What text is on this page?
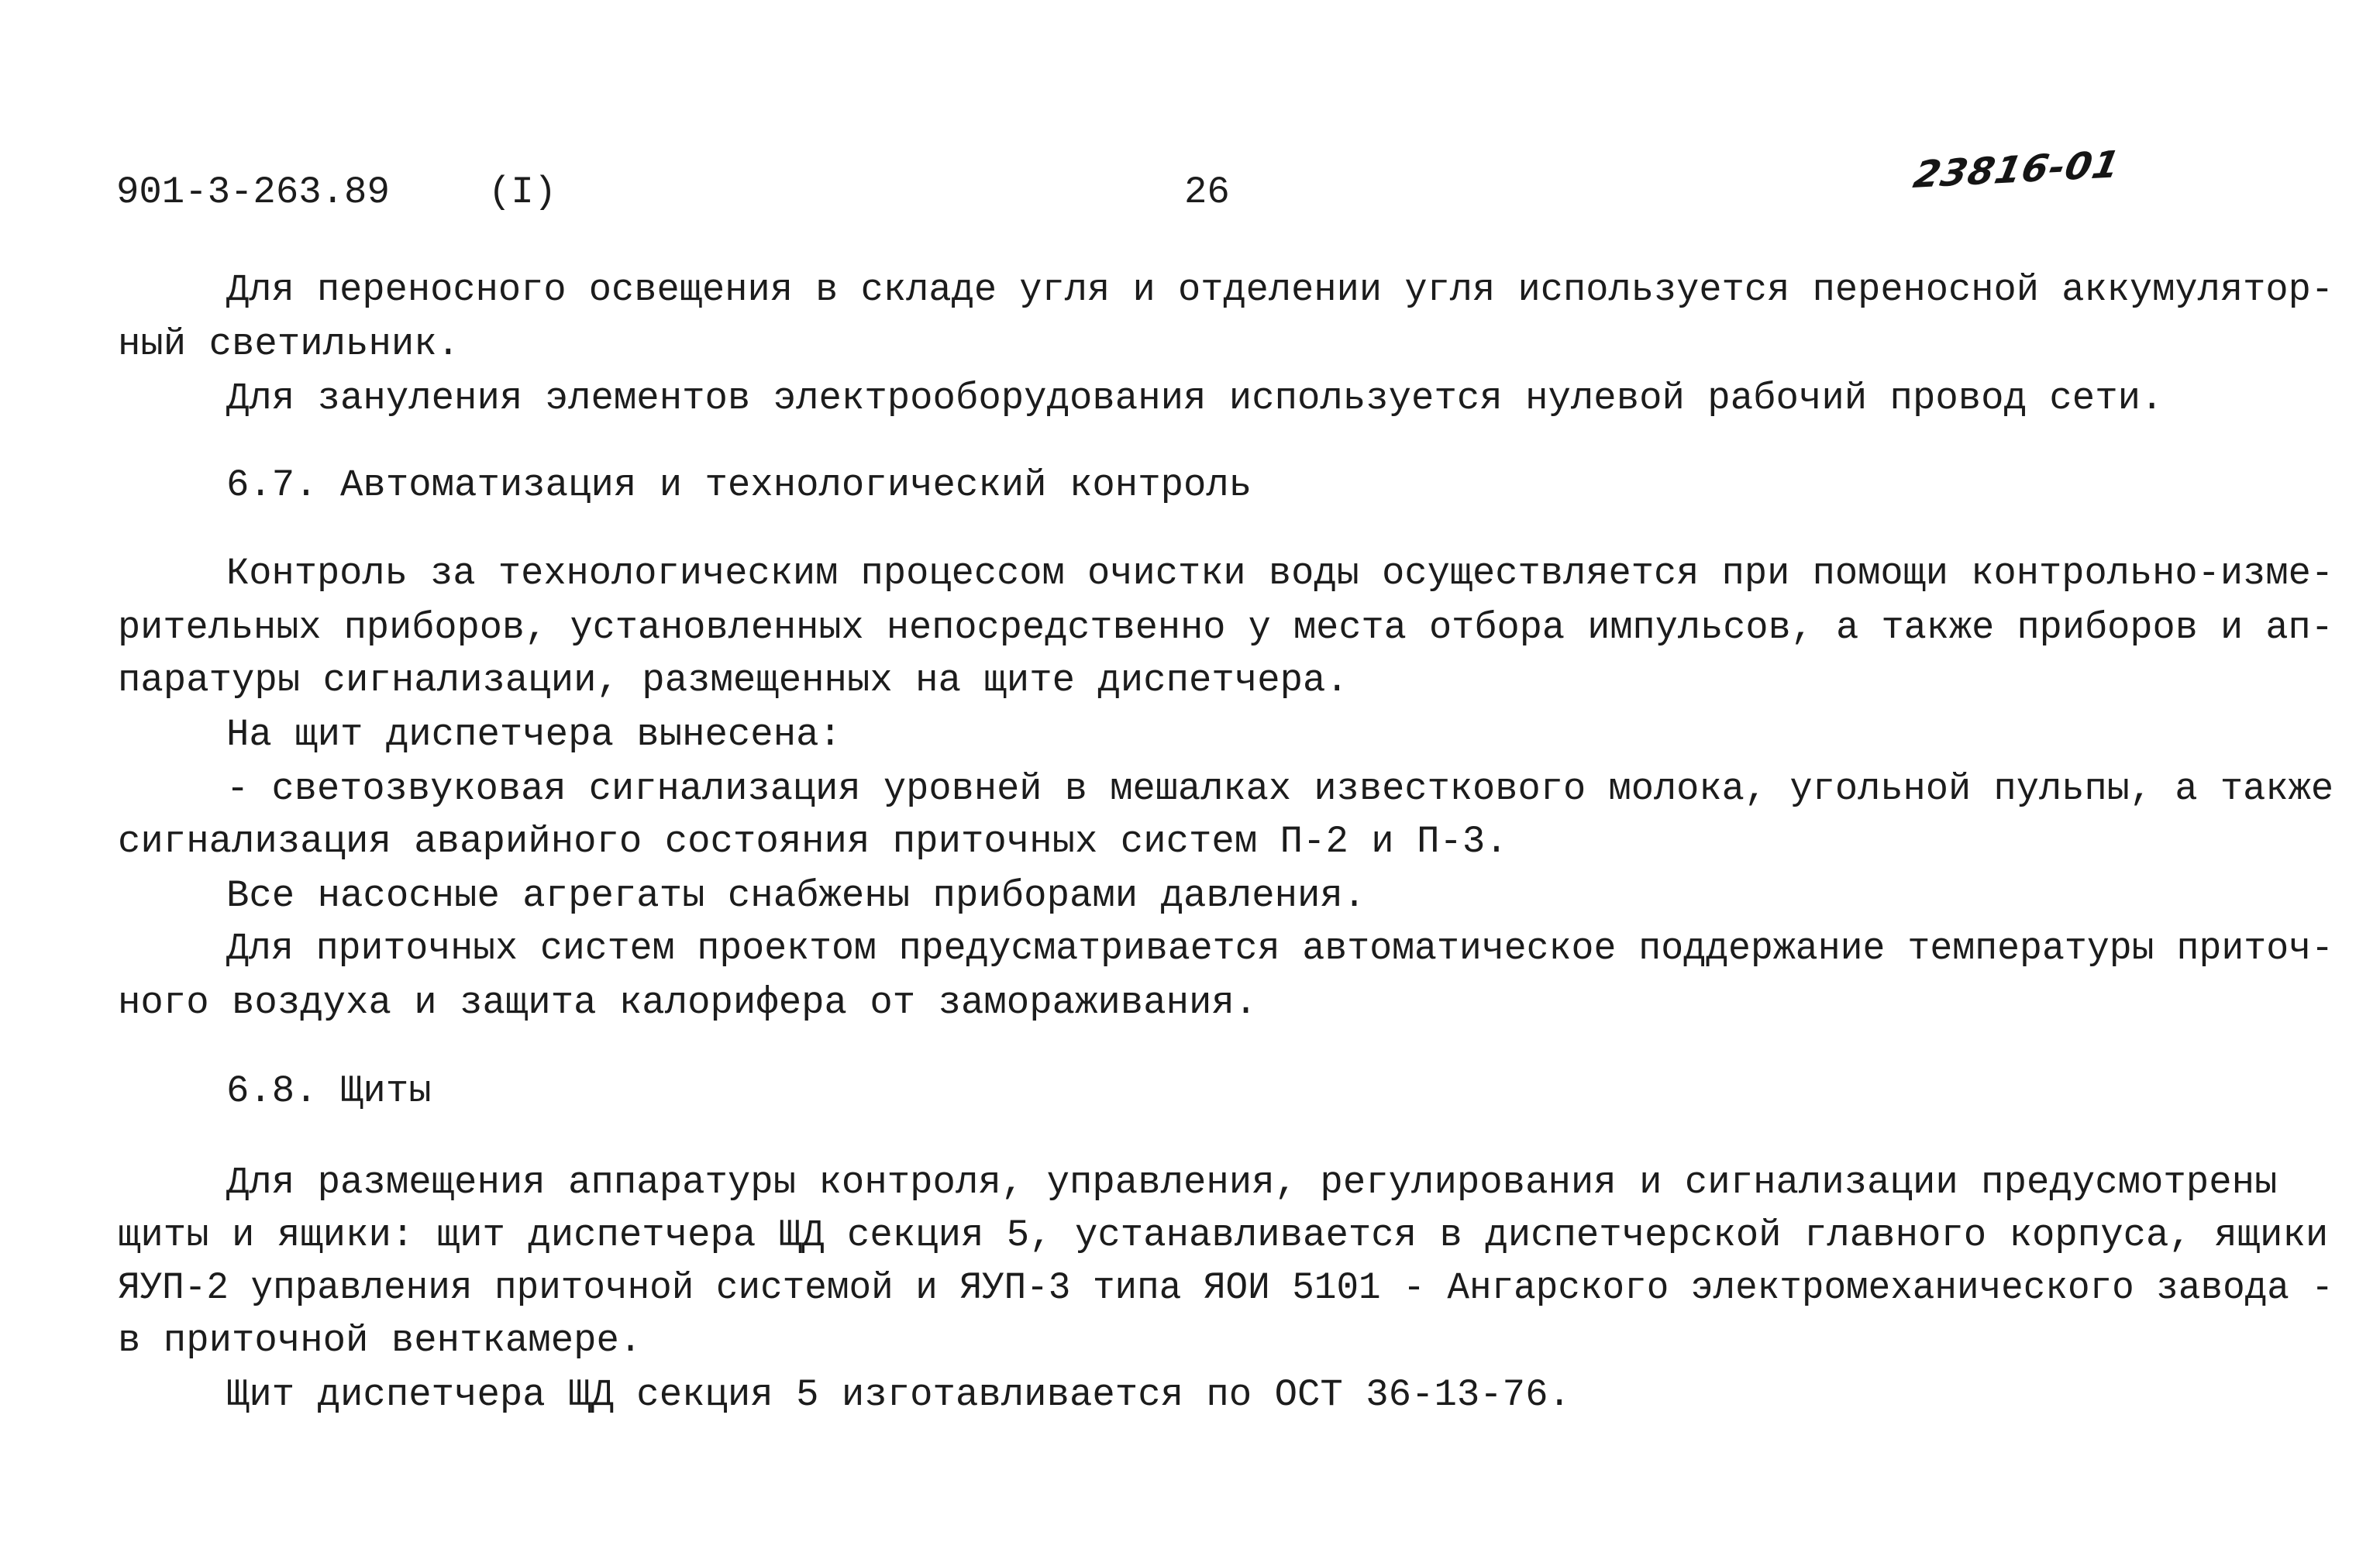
901-3-263.89	(I)	26	23816-01
Для переносного освещения в складе угля и отделении угля используется переносной аккумулятор-
ный светильник.
Для зануления элементов электрооборудования используется нулевой рабочий провод сети.
6.7. Автоматизация и технологический контроль
Контроль за технологическим процессом очистки воды осуществляется при помощи контрольно-изме-
рительных приборов, установленных непосредственно у места отбора импульсов, а также приборов и ап-
паратуры сигнализации, размещенных на щите диспетчера.
На щит диспетчера вынесена:
- светозвуковая сигнализация уровней в мешалках известкового молока, угольной пульпы, а также
сигнализация аварийного состояния приточных систем П-2 и П-3.
Все насосные агрегаты снабжены приборами давления.
Для приточных систем проектом предусматривается автоматическое поддержание температуры приточ-
ного воздуха и защита калорифера от замораживания.
6.8. Щиты
Для размещения аппаратуры контроля, управления, регулирования и сигнализации предусмотрены
щиты и ящики: щит диспетчера ЩД секция 5, устанавливается в диспетчерской главного корпуса, ящики
ЯУП-2 управления приточной системой и ЯУП-3 типа ЯОИ 5101 - Ангарского электромеханического завода -
в приточной венткамере.
Щит диспетчера ЩД секция 5 изготавливается по ОСТ 36-13-76.
